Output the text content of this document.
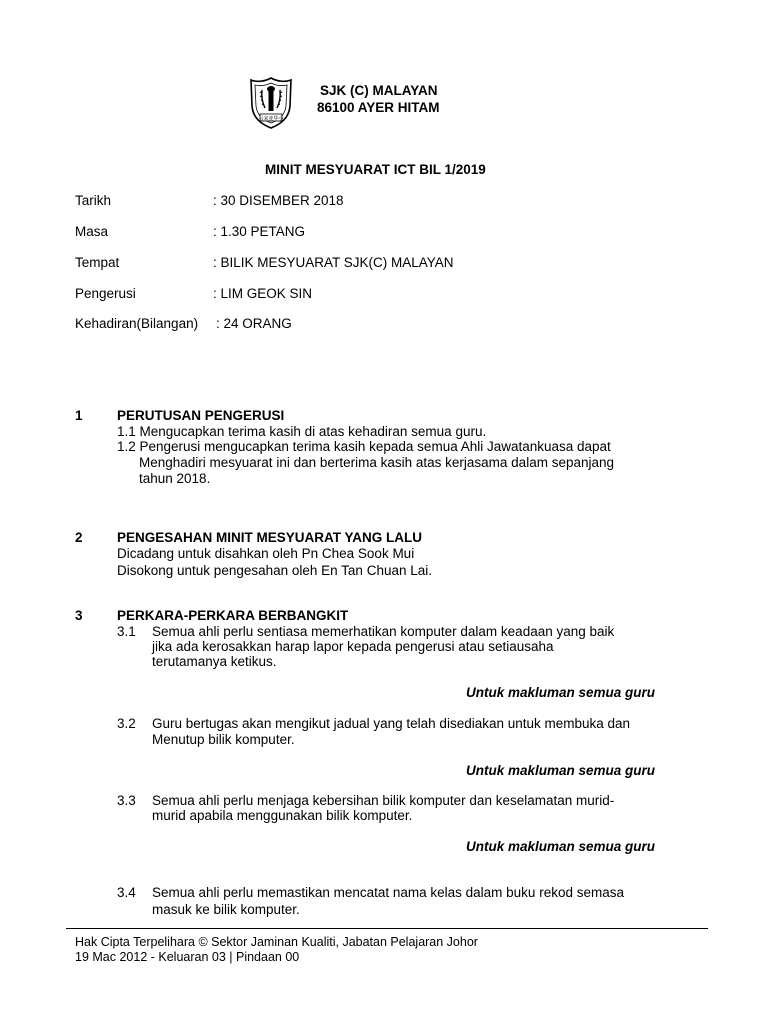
马来亚华小
SJK (C) MALAYAN
86100 AYER HITAM
MINIT MESYUARAT ICT BIL 1/2019
Tarikh	: 30 DISEMBER 2018
Masa	: 1.30 PETANG
Tempat	: BILIK MESYUARAT SJK(C) MALAYAN
Pengerusi	: LIM GEOK SIN
Kehadiran(Bilangan) : 24 ORANG
1	PERUTUSAN PENGERUSI
1.1 Mengucapkan terima kasih di atas kehadiran semua guru.
1.2 Pengerusi mengucapkan terima kasih kepada semua Ahli Jawatankuasa dapat
Menghadiri mesyuarat ini dan berterima kasih atas kerjasama dalam sepanjang
tahun 2018.
2	PENGESAHAN MINIT MESYUARAT YANG LALU
Dicadang untuk disahkan oleh Pn Chea Sook Mui
Disokong untuk pengesahan oleh En Tan Chuan Lai.
3	PERKARA-PERKARA BERBANGKIT
3.1 Semua ahli perlu sentiasa memerhatikan komputer dalam keadaan yang baik
jika ada kerosakkan harap lapor kepada pengerusi atau setiausaha
terutamanya ketikus.
Untuk makluman semua guru
3.2 Guru bertugas akan mengikut jadual yang telah disediakan untuk membuka dan
Menutup bilik komputer.
Untuk makluman semua guru
3.3 Semua ahli perlu menjaga kebersihan bilik komputer dan keselamatan murid-
murid apabila menggunakan bilik komputer.
Untuk makluman semua guru
3.4 Semua ahli perlu memastikan mencatat nama kelas dalam buku rekod semasa
masuk ke bilik komputer.
Hak Cipta Terpelihara © Sektor Jaminan Kualiti, Jabatan Pelajaran Johor
19 Mac 2012 - Keluaran 03 | Pindaan 00
